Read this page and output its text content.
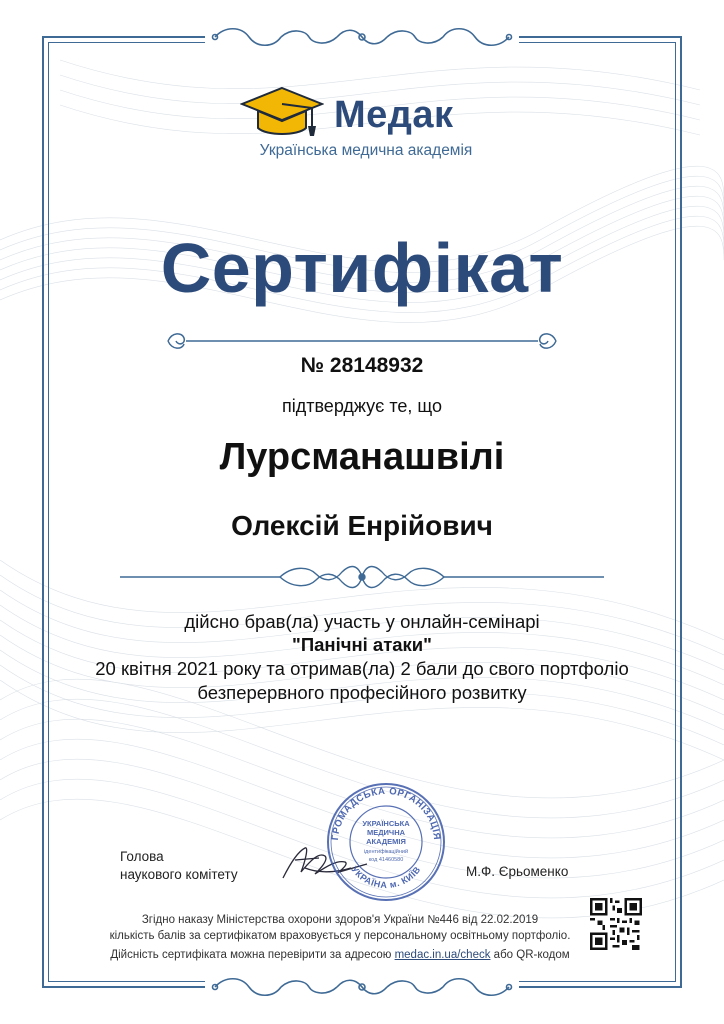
Медак
Українська медична академія
Сертифікат
№ 28148932
підтверджує те, що
Лурсманашвілі
Олексій Енрійович
дійсно брав(ла) участь у онлайн-семінарі
"Панічні атаки"
20 квітня 2021 року та отримав(ла) 2 бали до свого портфоліо
безперервного професійного розвитку
Голова
наукового комітету
ГРОМАДСЬКА ОРГАНІЗАЦІЯ
УКРАЇНА м. КИЇВ
УКРАЇНСЬКА
МЕДИЧНА
АКАДЕМІЯ
ідентифікаційний
код 41460580
М.Ф. Єрьоменко
Згідно наказу Міністерства охорони здоров'я України №446 від 22.02.2019
кількість балів за сертифікатом враховується у персональному освітньому портфоліо.
Дійсність сертифіката можна перевірити за адресою medac.in.ua/check або QR-кодом
